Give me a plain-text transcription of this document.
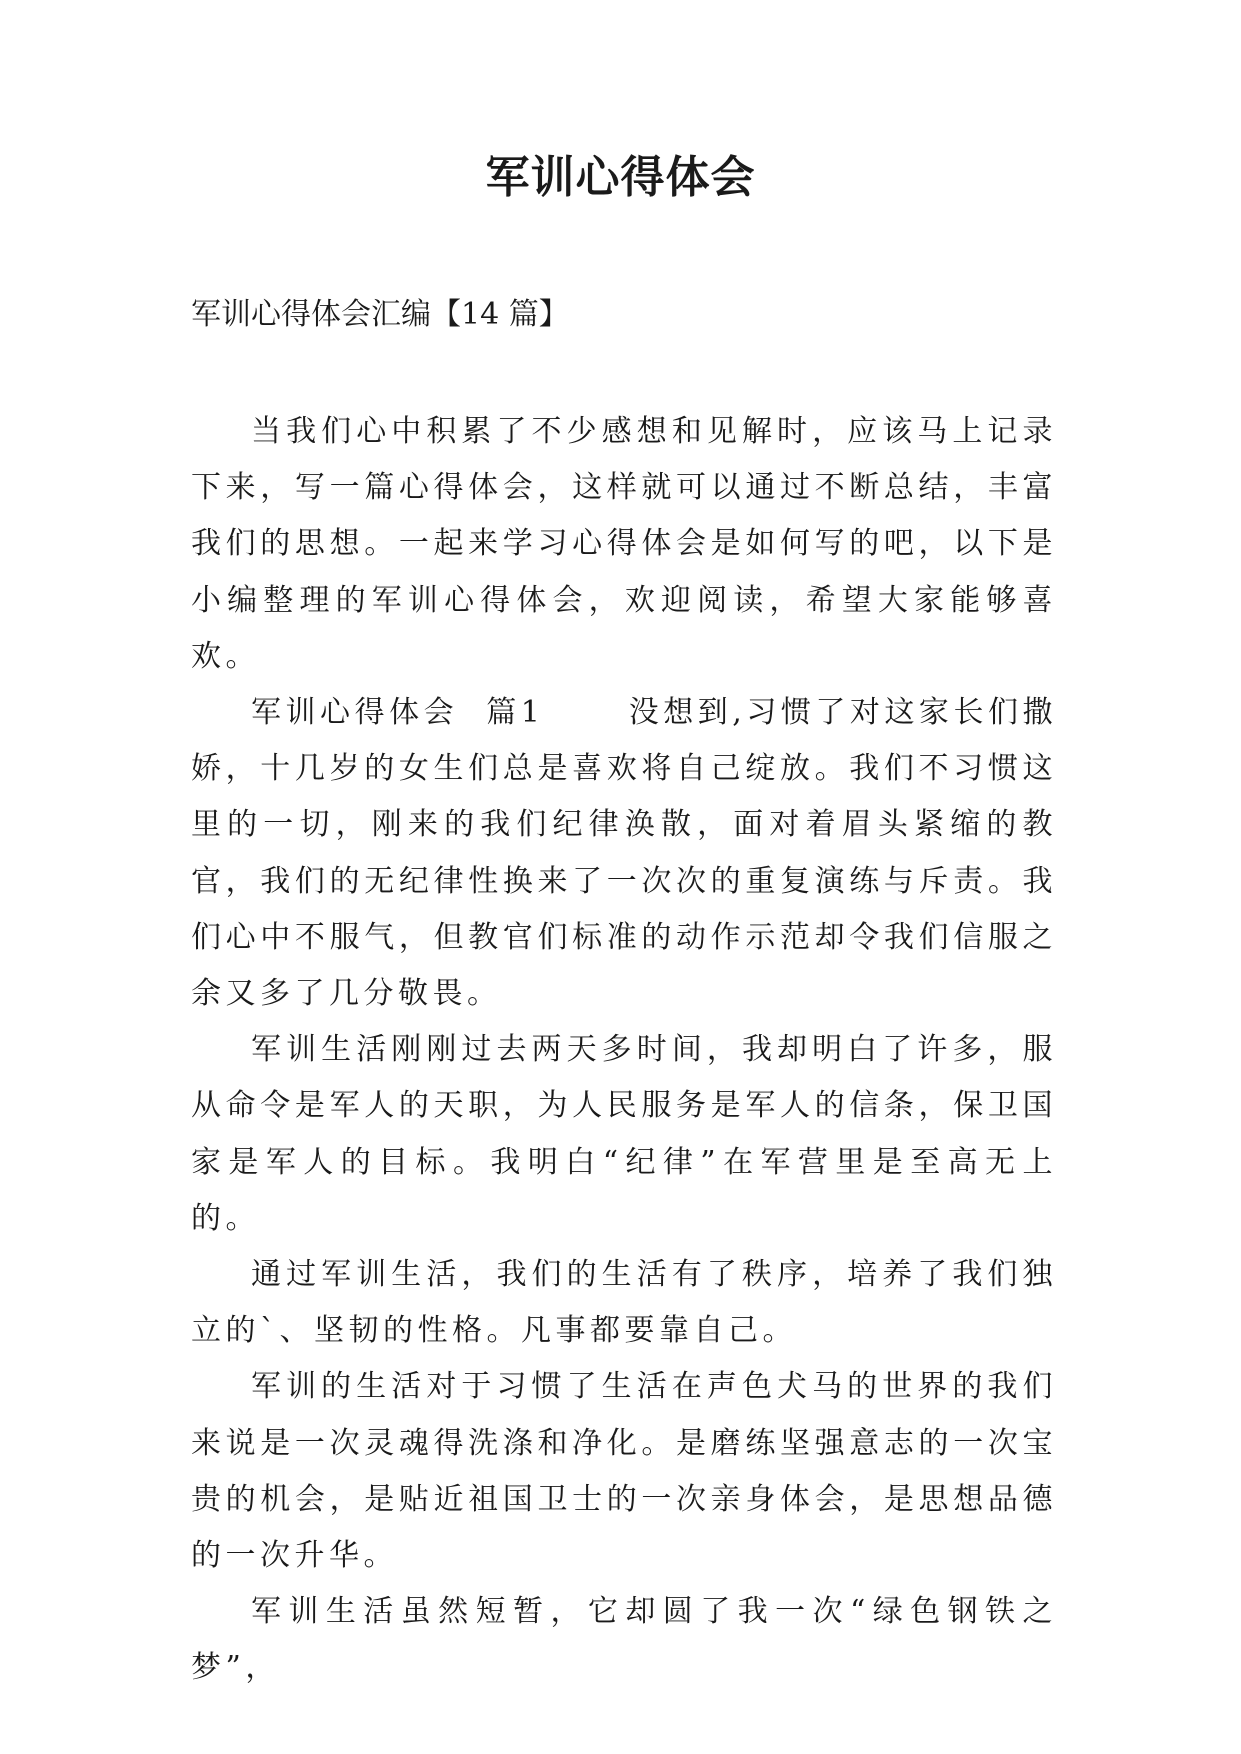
军训心得体会
军训心得体会汇编【14 篇】

当我们心中积累了不少感想和见解时，应该马上记录下来，写一篇心得体会，这样就可以通过不断总结，丰富我们的思想。一起来学习心得体会是如何写的吧，以下是小编整理的军训心得体会，欢迎阅读，希望大家能够喜欢。

军训心得体会  篇1      没想到,习惯了对这家长们撒娇，十几岁的女生们总是喜欢将自己绽放。我们不习惯这里的一切，刚来的我们纪律涣散，面对着眉头紧缩的教官，我们的无纪律性换来了一次次的重复演练与斥责。我们心中不服气，但教官们标准的动作示范却令我们信服之余又多了几分敬畏。

军训生活刚刚过去两天多时间，我却明白了许多，服从命令是军人的天职，为人民服务是军人的信条，保卫国家是军人的目标。我明白“纪律”在军营里是至高无上的。

通过军训生活，我们的生活有了秩序，培养了我们独立的`、坚韧的性格。凡事都要靠自己。

军训的生活对于习惯了生活在声色犬马的世界的我们来说是一次灵魂得洗涤和净化。是磨练坚强意志的一次宝贵的机会，是贴近祖国卫士的一次亲身体会，是思想品德的一次升华。

军训生活虽然短暂，它却圆了我一次“绿色钢铁之梦”，
